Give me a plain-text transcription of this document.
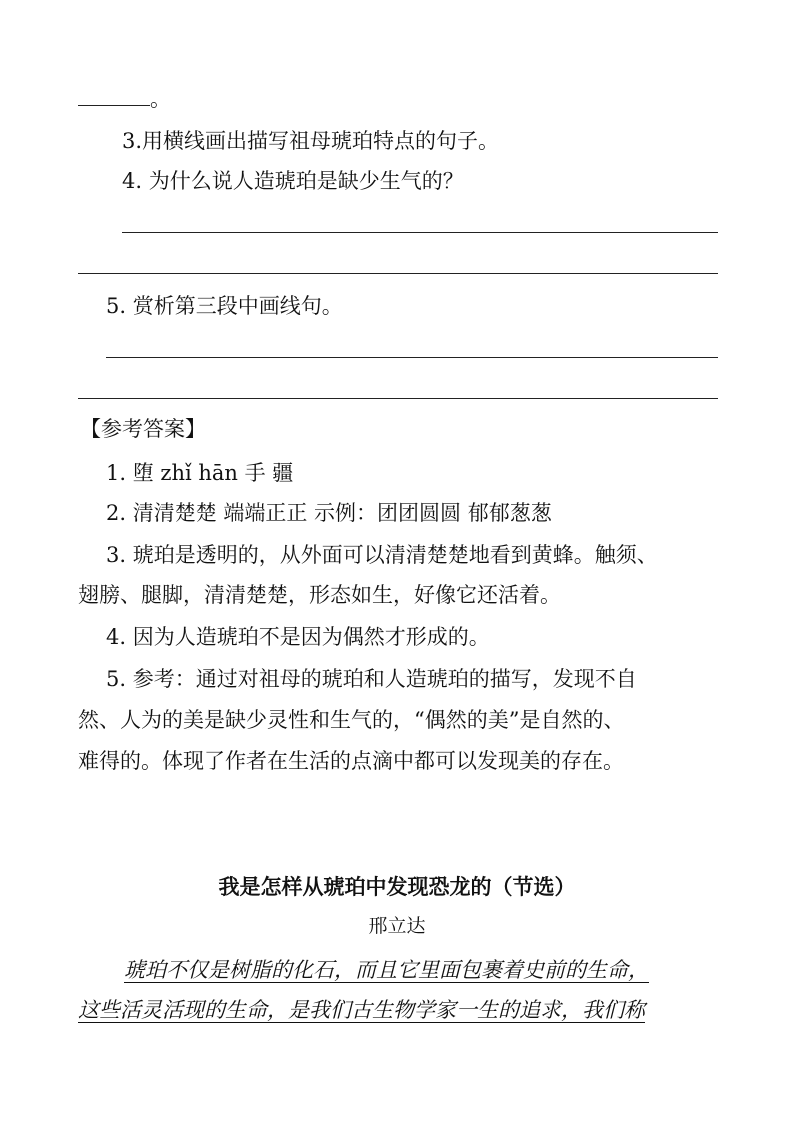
。
3.用横线画出描写祖母琥珀特点的句子。
4. 为什么说人造琥珀是缺少生气的？
5. 赏析第三段中画线句。
【参考答案】
1. 堕 zhǐ hān 手 疆
2. 清清楚楚 端端正正 示例：团团圆圆 郁郁葱葱
3. 琥珀是透明的，从外面可以清清楚楚地看到黄蜂。触须、
翅膀、腿脚，清清楚楚，形态如生，好像它还活着。
4. 因为人造琥珀不是因为偶然才形成的。
5. 参考：通过对祖母的琥珀和人造琥珀的描写，发现不自
然、人为的美是缺少灵性和生气的，“偶然的美”是自然的、
难得的。体现了作者在生活的点滴中都可以发现美的存在。
我是怎样从琥珀中发现恐龙的（节选）
邢立达
琥珀不仅是树脂的化石，而且它里面包裹着史前的生命，
这些活灵活现的生命，是我们古生物学家一生的追求，我们称
